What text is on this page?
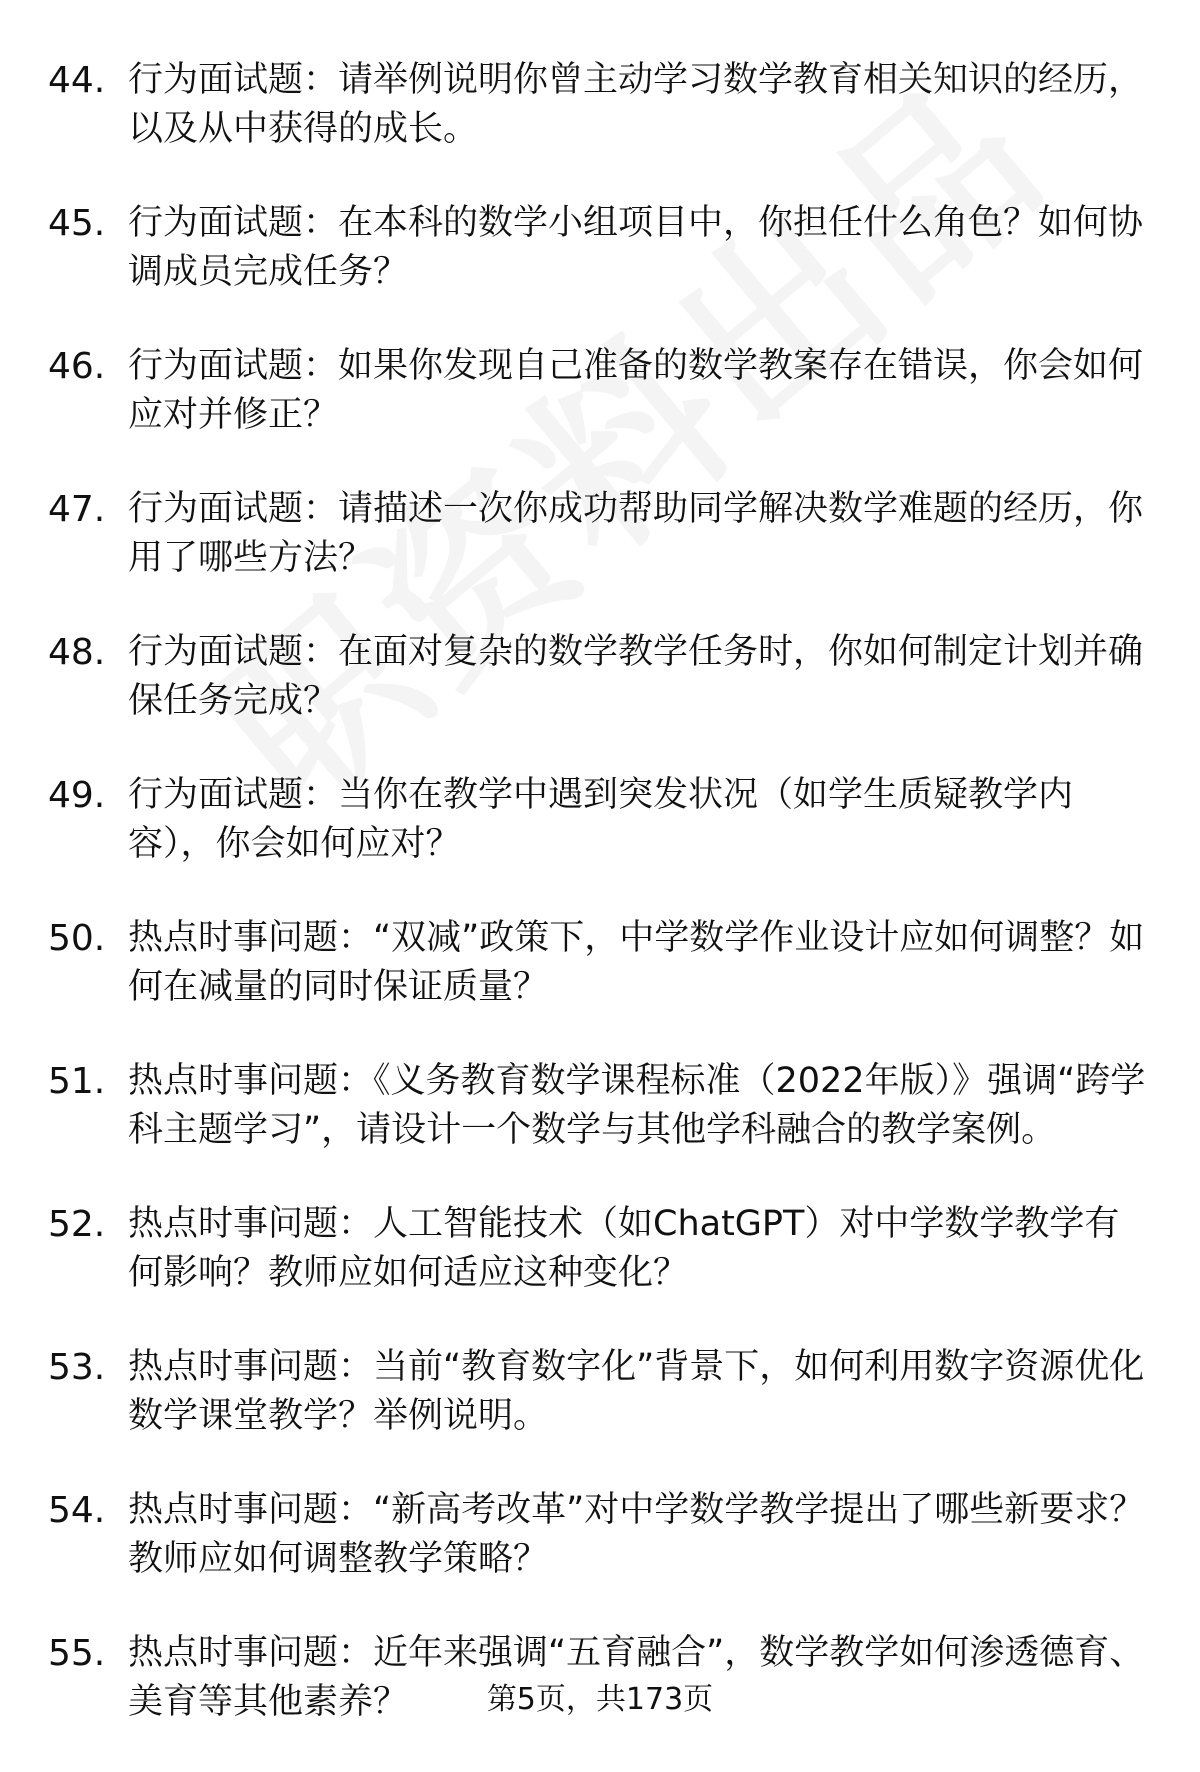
44. 行为面试题：请举例说明你曾主动学习数学教育相关知识的经历，以及从中获得的成长。
45. 行为面试题：在本科的数学小组项目中，你担任什么角色？如何协调成员完成任务？
46. 行为面试题：如果你发现自己准备的数学教案存在错误，你会如何应对并修正？
47. 行为面试题：请描述一次你成功帮助同学解决数学难题的经历，你用了哪些方法？
48. 行为面试题：在面对复杂的数学教学任务时，你如何制定计划并确保任务完成？
49. 行为面试题：当你在教学中遇到突发状况（如学生质疑教学内容），你会如何应对？
50. 热点时事问题：“双减”政策下，中学数学作业设计应如何调整？如何在减量的同时保证质量？
51. 热点时事问题：《义务教育数学课程标准（2022年版）》强调“跨学科主题学习”，请设计一个数学与其他学科融合的教学案例。
52. 热点时事问题：人工智能技术（如ChatGPT）对中学数学教学有何影响？教师应如何适应这种变化？
53. 热点时事问题：当前“教育数字化”背景下，如何利用数字资源优化数学课堂教学？举例说明。
54. 热点时事问题：“新高考改革”对中学数学教学提出了哪些新要求？教师应如何调整教学策略？
55. 热点时事问题：近年来强调“五育融合”，数学教学如何渗透德育、美育等其他素养？	第5页，共173页
